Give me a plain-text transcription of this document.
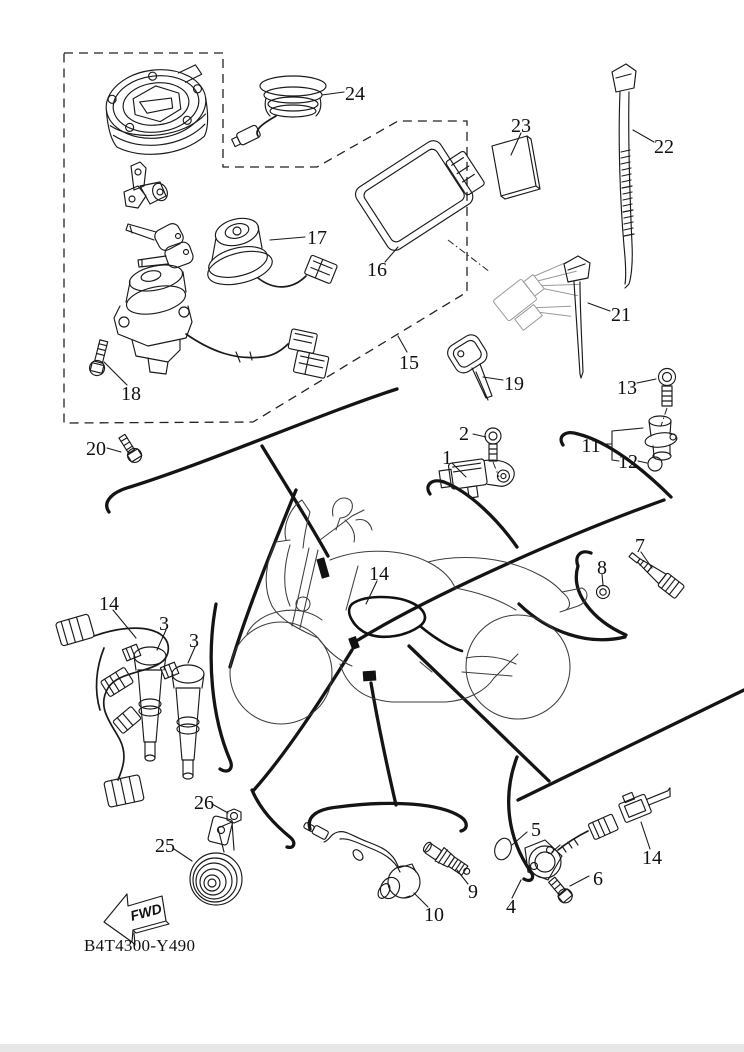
FWD
24
23
22
17
16
15
18
20
21
19	13
2
1
11
12
7
8
14
14
3
3
26
25
5
4
6
14
10
9
B4T4300-Y490
